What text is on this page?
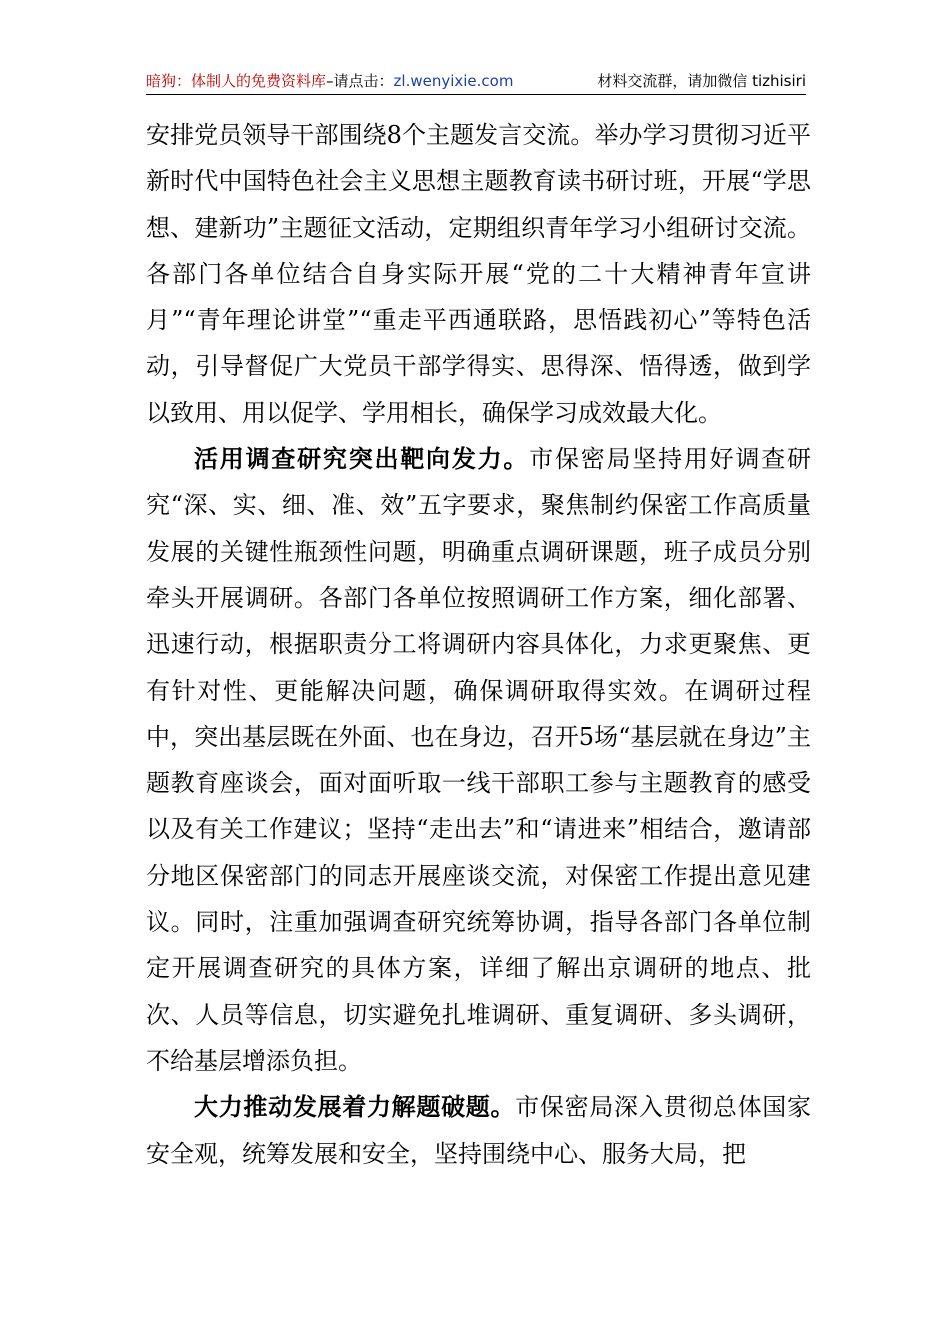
暗狗：体制人的免费资料库–请点击：zl.wenyixie.com	材料交流群，请加微信 tizhisiri

安排党员领导干部围绕8个主题发言交流。举办学习贯彻习近平新时代中国特色社会主义思想主题教育读书研讨班，开展“学思想、建新功”主题征文活动，定期组织青年学习小组研讨交流。各部门各单位结合自身实际开展“党的二十大精神青年宣讲月”“青年理论讲堂”“重走平西通联路，思悟践初心”等特色活动，引导督促广大党员干部学得实、思得深、悟得透，做到学以致用、用以促学、学用相长，确保学习成效最大化。

活用调查研究突出靶向发力。市保密局坚持用好调查研究“深、实、细、准、效”五字要求，聚焦制约保密工作高质量发展的关键性瓶颈性问题，明确重点调研课题，班子成员分别牵头开展调研。各部门各单位按照调研工作方案，细化部署、迅速行动，根据职责分工将调研内容具体化，力求更聚焦、更有针对性、更能解决问题，确保调研取得实效。在调研过程中，突出基层既在外面、也在身边，召开5场“基层就在身边”主题教育座谈会，面对面听取一线干部职工参与主题教育的感受以及有关工作建议；坚持“走出去”和“请进来”相结合，邀请部分地区保密部门的同志开展座谈交流，对保密工作提出意见建议。同时，注重加强调查研究统筹协调，指导各部门各单位制定开展调查研究的具体方案，详细了解出京调研的地点、批次、人员等信息，切实避免扎堆调研、重复调研、多头调研，不给基层增添负担。

大力推动发展着力解题破题。市保密局深入贯彻总体国家安全观，统筹发展和安全，坚持围绕中心、服务大局，把
